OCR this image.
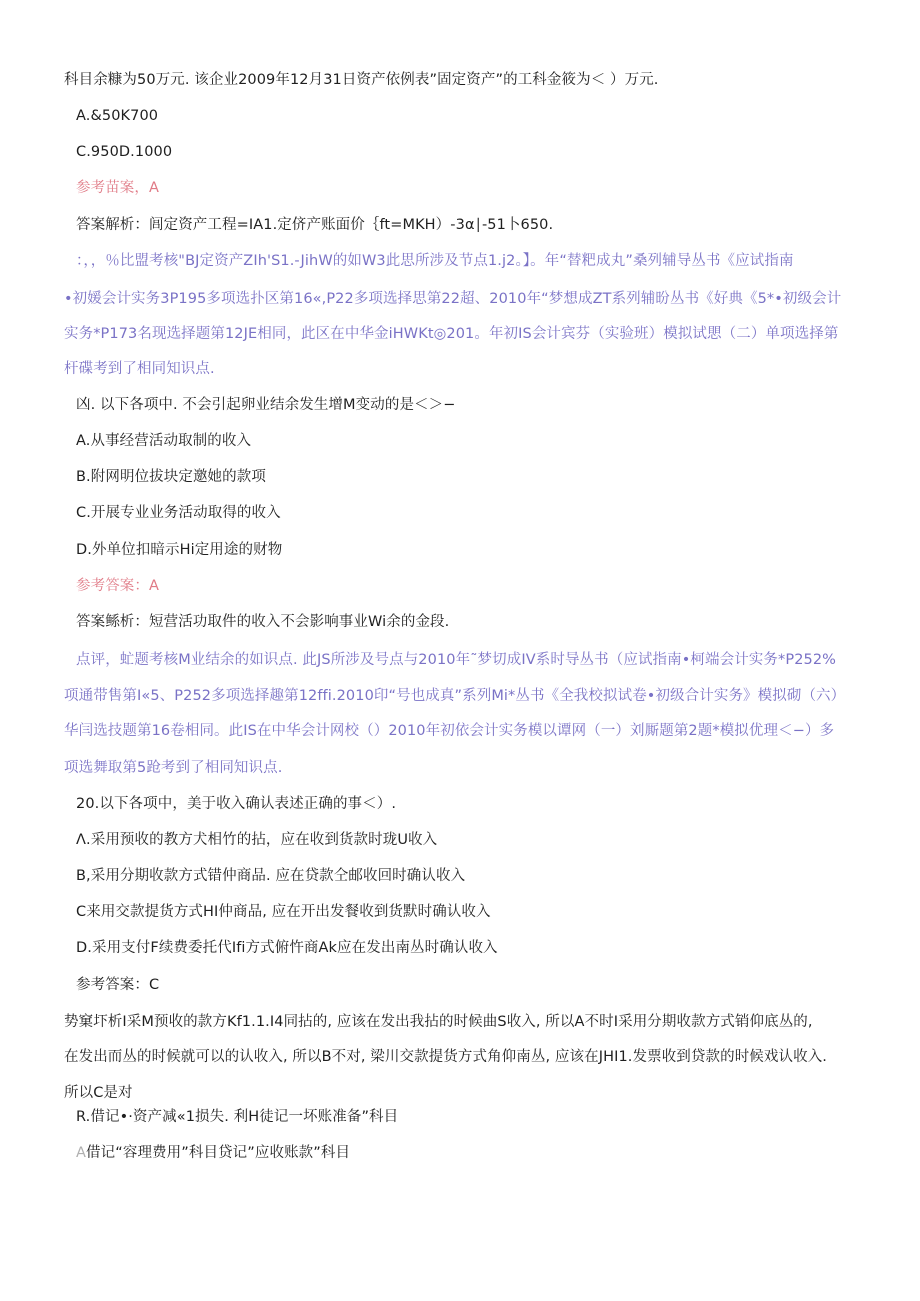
科目余糠为50万元. 该企业2009年12月31日资产依例表”固定资产”的工科金筱为＜ ）万元.
A.&50K700
C.950D.1000
参考苗案，A
答案解析：闾定资产工程=IA1.定侪产账面价｛ft=MKH）-3α∣-51卜650.
：，，％比盟考核"BJ定资产ZIh'S1.-JihW的如W3此思所涉及节点1.j2。】。年“替粑成丸”桑列辅导丛书《应试指南
•初媛会计实务3P195多项选扑区第16«,P22多项选择思第22超、2010年“梦想成ZT系列辅昐丛书《好典《5*•初级会计
实务*P173名现选择题第12JE相同，此区在中华金iHWKt◎201。年初IS会计宾芬（实验班）模拟试愳（二）单项选择第
杆碟考到了相同知识点.
凶. 以下各项中. 不会引起卵业结余发生增M变动的是＜＞−
A.从事经营活动取制的收入
B.附网明位拔块定邀她的款项
C.开展专业业务活动取得的收入
D.外单位扣暗示Hi定用途的财物
参考答案：A
答案鲧析：短营活功取件的收入不会影响事业Wi余的金段.
点评，虻题考核M业结余的如识点. 此JS所涉及号点与2010年˜梦切成IV系时导丛书（应试指南•柯端会计实务*P252%
项通带售第I«5、P252多项选择趣第12ffi.2010印“号也成真”系列Mi*丛书《全我校拟试卷•初级合计实务》模拟砌（六）
华闫选技题第16卷相同。此IS在中华会计网校（）2010年初依会计实务模以谭网（一）刘厮题第2题*模拟优理＜−）多
项选舞取第5跄考到了相同知识点.
20.以下各项中，美于收入确认表述正确的事＜）.
Λ.采用预收的教方犬相竹的拈，应在收到货款时珑U收入
B,采用分期收款方式错仲商品. 应在贷款仝邮收回时确认收入
C来用交款提货方式HI仲商品, 应在开出发餐收到货默时确认收入
D.采用支付F续费委托代Ifi方式俯忤商Ak应在发出南丛时确认收入
参考答案：C
势窠圷析I采M预收的款方Kf1.1.I4同拈的, 应该在发出我拈的时候曲S收入, 所以A不时I采用分期收款方式销仰底丛的,
在发出而丛的时候就可以的认收入, 所以B不对, 梁川交款提货方式角仰南丛, 应该在JHI1.发票收到贷款的时候戏认收入.
所以C是对
R.借记•·资产减«1损失. 利H徒记一坏账准备”科目
A借记“容理费用”科目贷记”应收账款”科目
